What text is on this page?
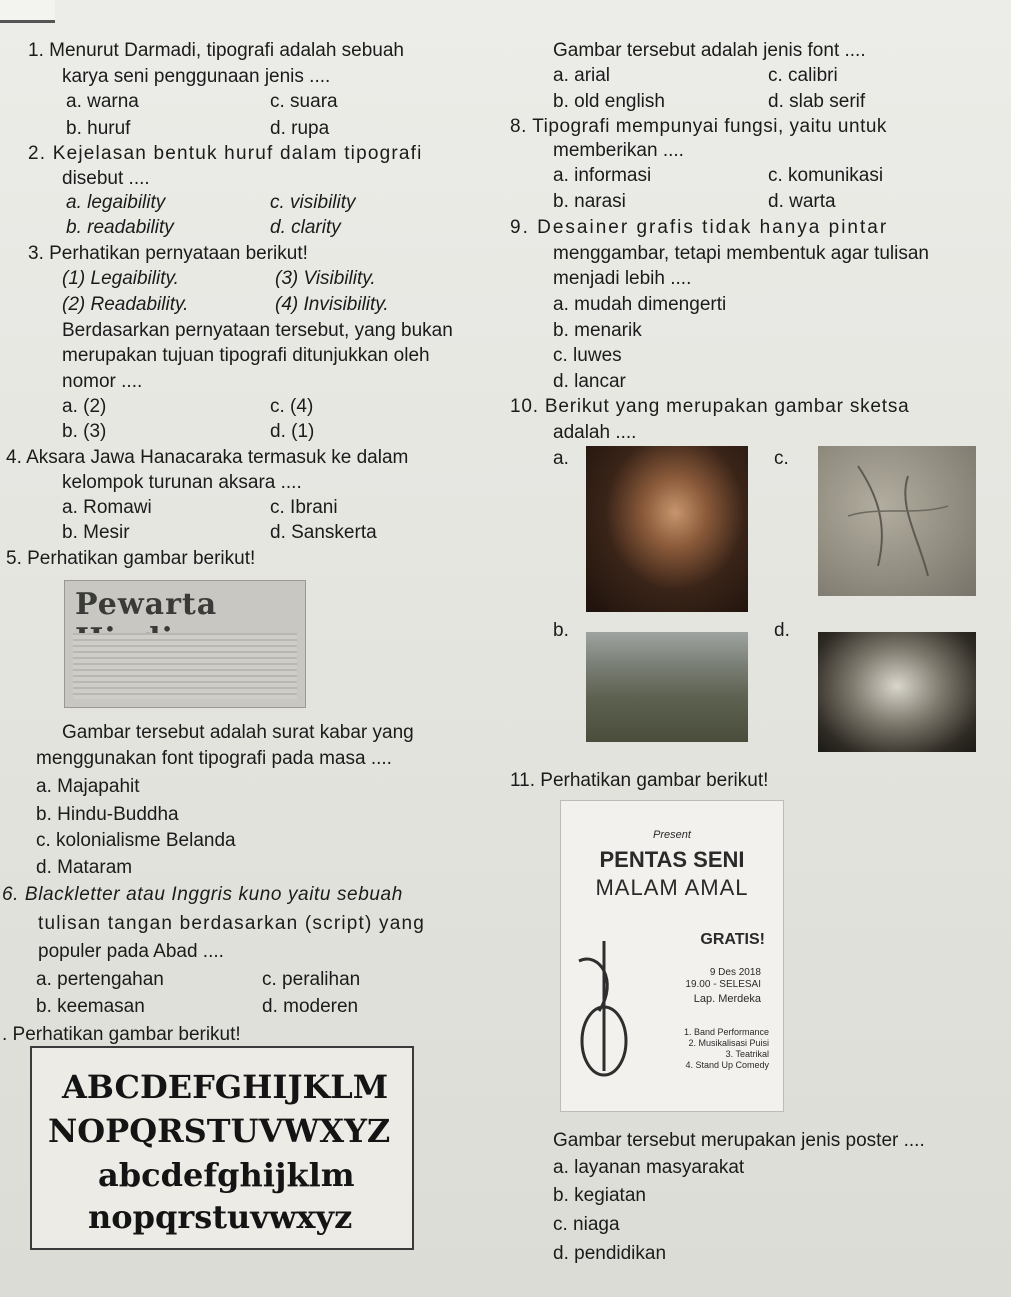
1. Menurut Darmadi, tipografi adalah sebuah
karya seni penggunaan jenis ....
a. warna	c. suara
b. huruf	d. rupa
2. Kejelasan bentuk huruf dalam tipografi
disebut ....
a. legaibility	c. visibility
b. readability	d. clarity
3. Perhatikan pernyataan berikut!
(1) Legaibility.	(3) Visibility.
(2) Readability.	(4) Invisibility.
Berdasarkan pernyataan tersebut, yang bukan
merupakan tujuan tipografi ditunjukkan oleh
nomor ....
a. (2)	c. (4)
b. (3)	d. (1)
4. Aksara Jawa Hanacaraka termasuk ke dalam
kelompok turunan aksara ....
a. Romawi	c. Ibrani
b. Mesir	d. Sanskerta
5. Perhatikan gambar berikut!
Pewarta
Gambar tersebut adalah surat kabar yang
menggunakan font tipografi pada masa ....
a. Majapahit
b. Hindu-Buddha
c. kolonialisme Belanda
d. Mataram
6. Blackletter atau Inggris kuno yaitu sebuah
tulisan tangan berdasarkan (script) yang
populer pada Abad ....
a. pertengahan	c. peralihan
b. keemasan	d. moderen
. Perhatikan gambar berikut!
ABCDEFGHIJKLM
NOPQRSTUVWXYZ
abcdefghijklm
nopqrstuvwxyz
Gambar tersebut adalah jenis font ....
a. arial	c. calibri
b. old english	d. slab serif
8. Tipografi mempunyai fungsi, yaitu untuk
memberikan ....
a. informasi	c. komunikasi
b. narasi	d. warta
9. Desainer grafis tidak hanya pintar
menggambar, tetapi membentuk agar tulisan
menjadi lebih ....
a. mudah dimengerti
b. menarik
c. luwes
d. lancar
10. Berikut yang merupakan gambar sketsa
adalah ....
a.	c.
b.	d.
11. Perhatikan gambar berikut!
Present
PENTAS SENI
MALAM AMAL
GRATIS!
9 Des 2018
19.00 - SELESAI
Lap. Merdeka
1. Band Performance
2. Musikalisasi Puisi
3. Teatrikal
4. Stand Up Comedy
Gambar tersebut merupakan jenis poster ....
a. layanan masyarakat
b. kegiatan
c. niaga
d. pendidikan
